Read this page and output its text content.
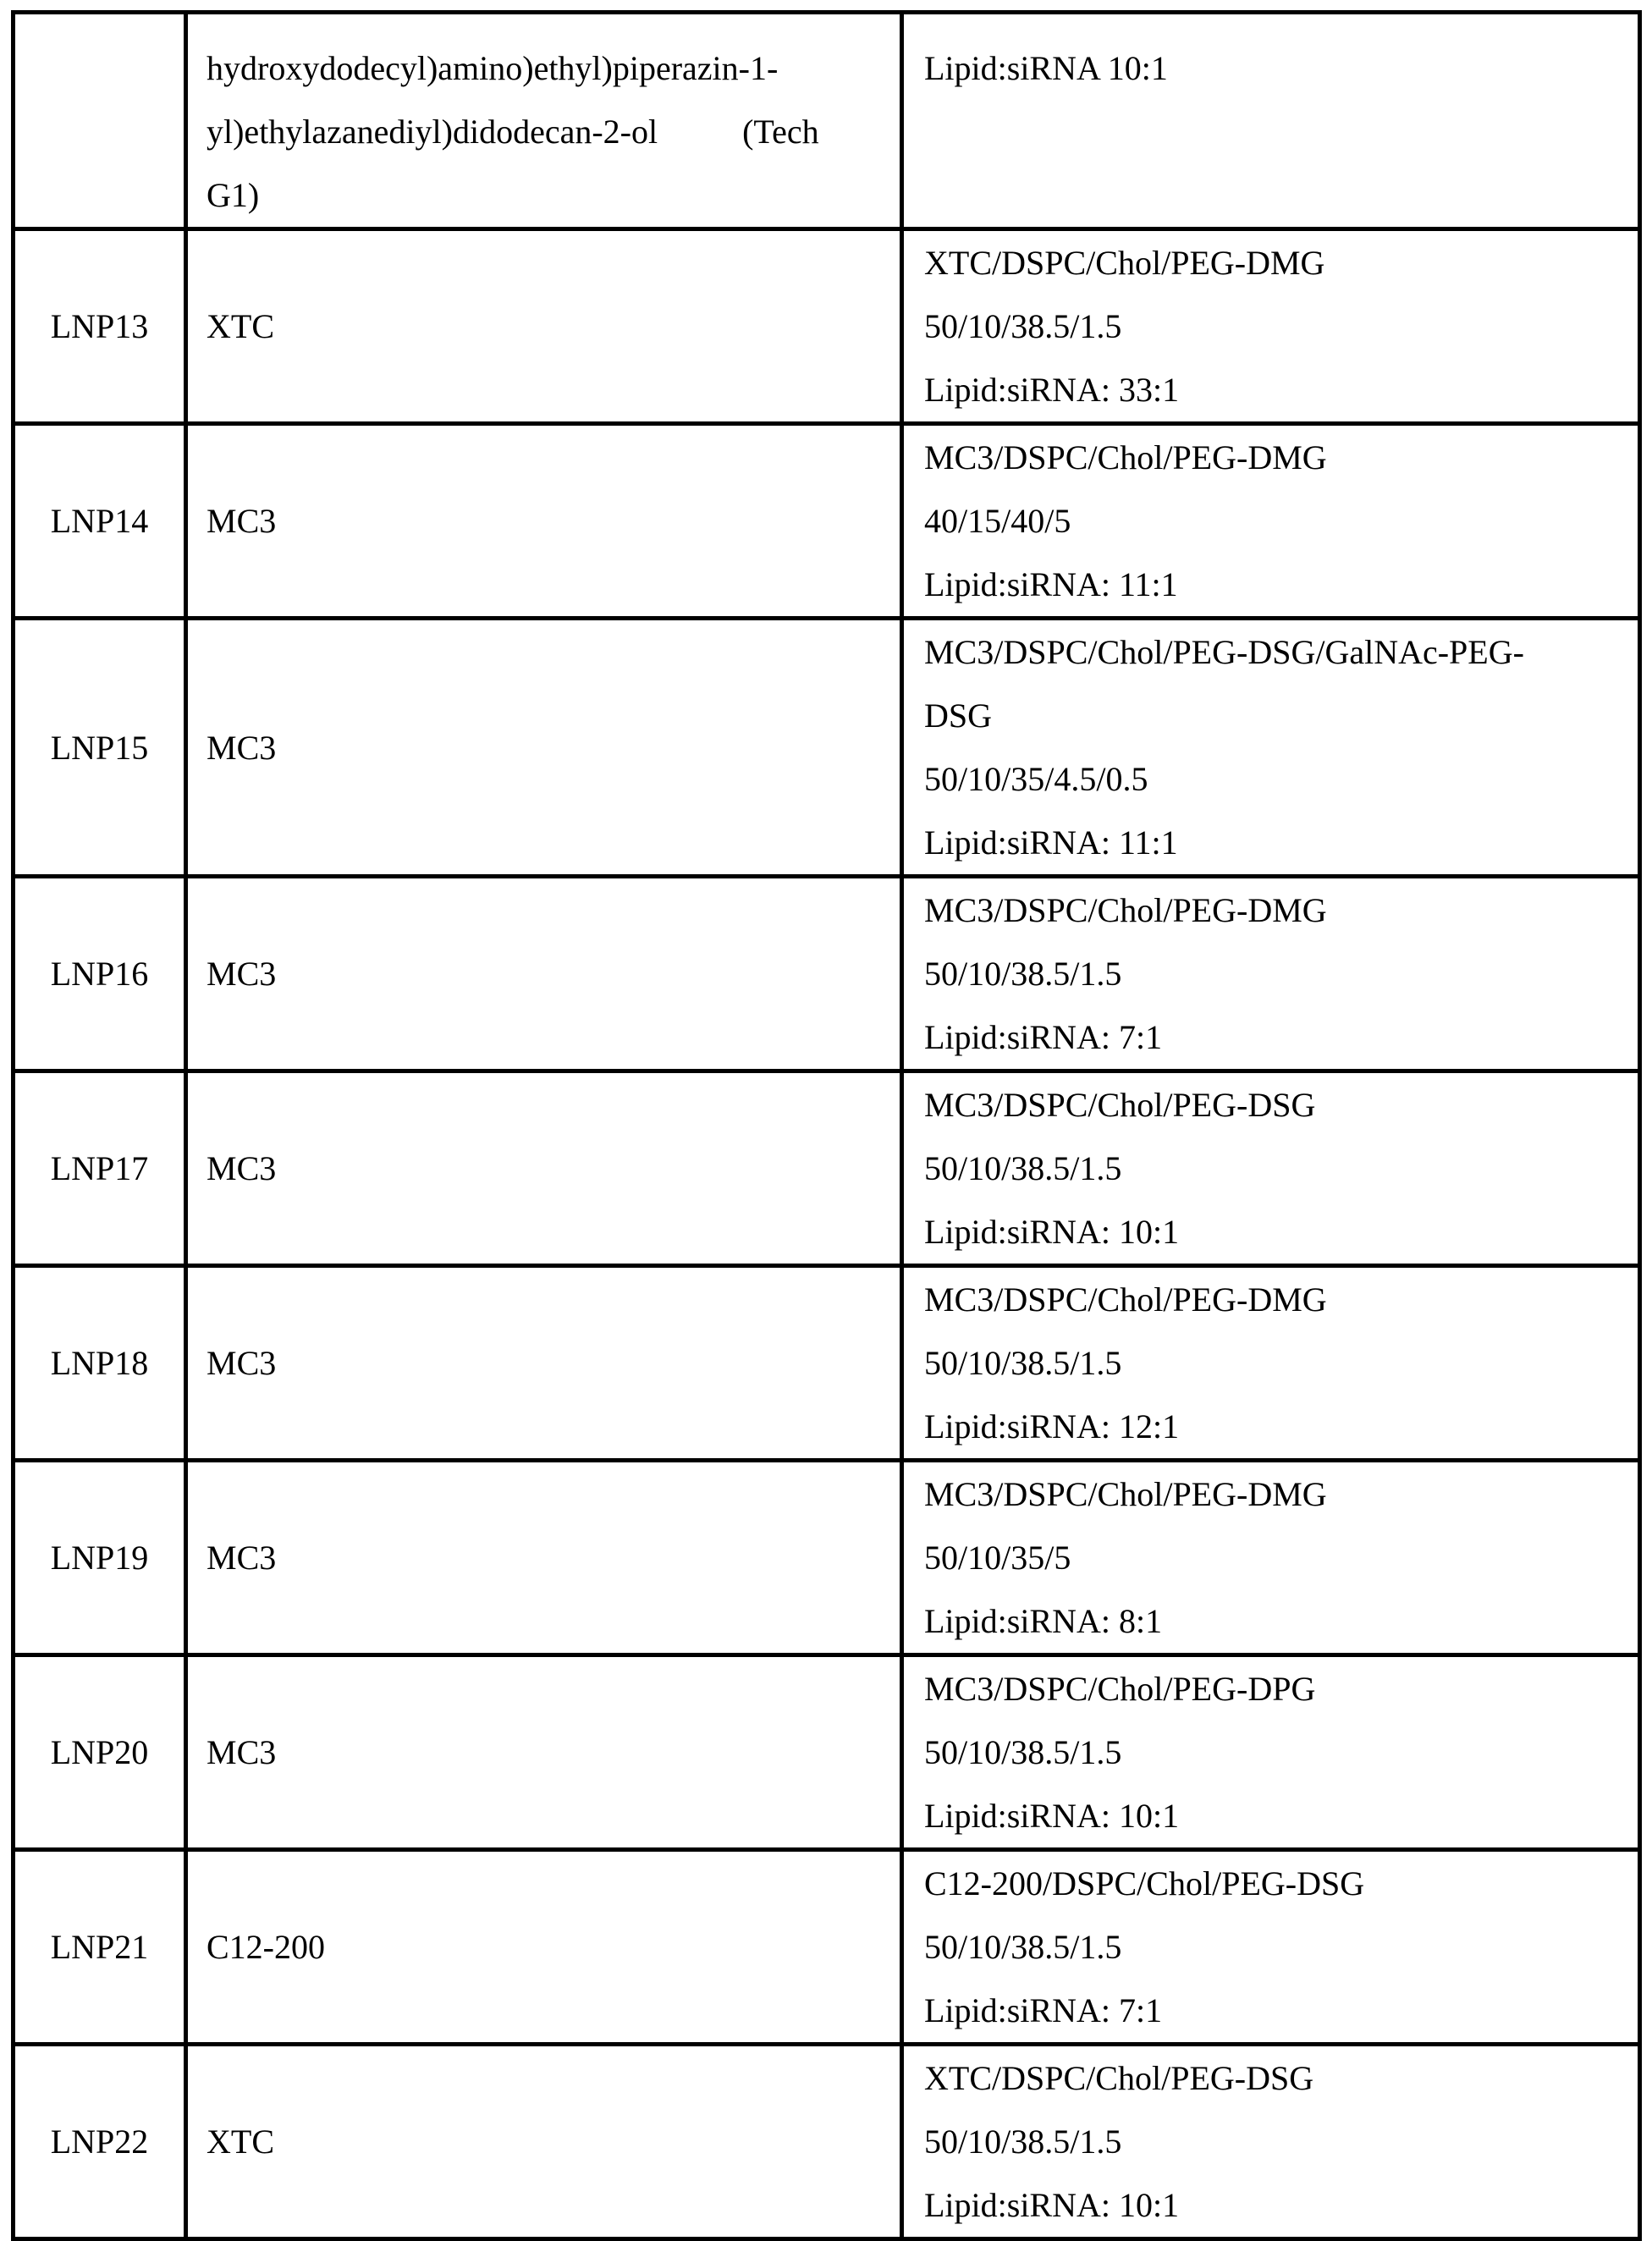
	hydroxydodecyl)amino)ethyl)piperazin-1-
yl)ethylazanediyl)didodecan-2-ol          (Tech
G1)	Lipid:siRNA 10:1

LNP13	XTC	XTC/DSPC/Chol/PEG-DMG
50/10/38.5/1.5
Lipid:siRNA: 33:1

LNP14	MC3	MC3/DSPC/Chol/PEG-DMG
40/15/40/5
Lipid:siRNA: 11:1

LNP15	MC3	MC3/DSPC/Chol/PEG-DSG/GalNAc-PEG-
DSG
50/10/35/4.5/0.5
Lipid:siRNA: 11:1

LNP16	MC3	MC3/DSPC/Chol/PEG-DMG
50/10/38.5/1.5
Lipid:siRNA: 7:1

LNP17	MC3	MC3/DSPC/Chol/PEG-DSG
50/10/38.5/1.5
Lipid:siRNA: 10:1

LNP18	MC3	MC3/DSPC/Chol/PEG-DMG
50/10/38.5/1.5
Lipid:siRNA: 12:1

LNP19	MC3	MC3/DSPC/Chol/PEG-DMG
50/10/35/5
Lipid:siRNA: 8:1

LNP20	MC3	MC3/DSPC/Chol/PEG-DPG
50/10/38.5/1.5
Lipid:siRNA: 10:1

LNP21	C12-200	C12-200/DSPC/Chol/PEG-DSG
50/10/38.5/1.5
Lipid:siRNA: 7:1

LNP22	XTC	XTC/DSPC/Chol/PEG-DSG
50/10/38.5/1.5
Lipid:siRNA: 10:1
